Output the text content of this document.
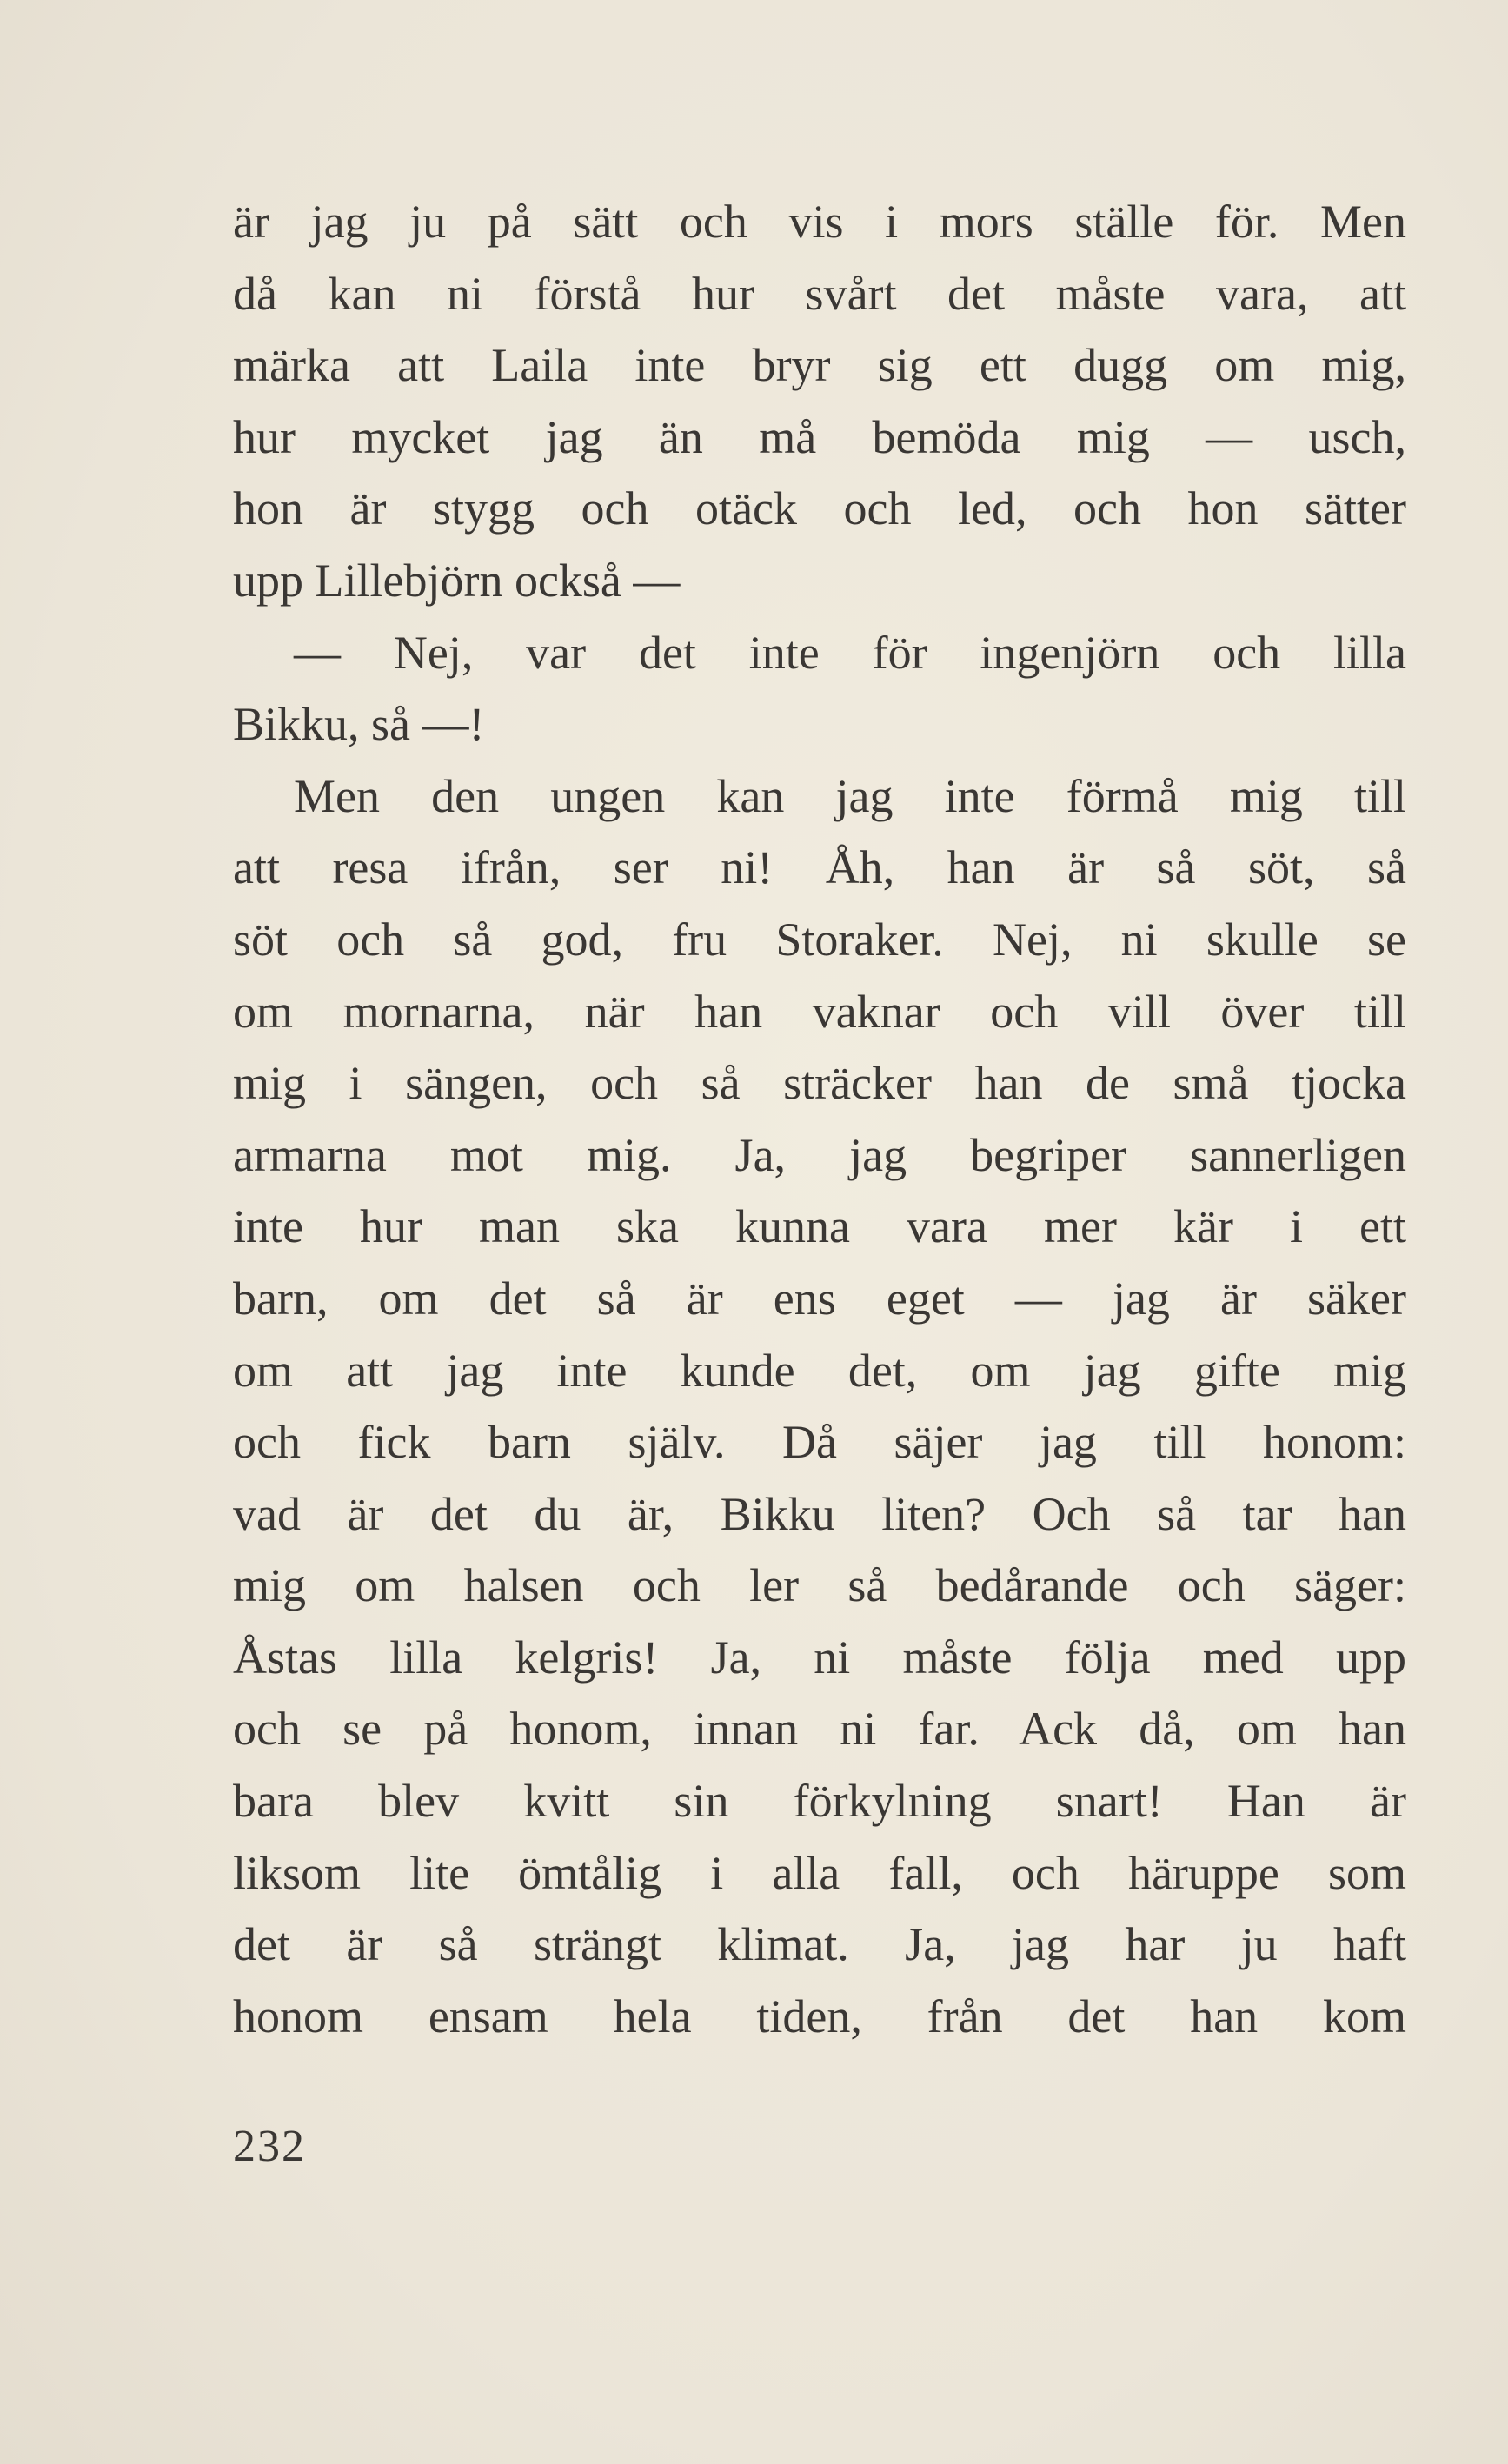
är jag ju på sätt och vis i mors ställe för. Men
då kan ni förstå hur svårt det måste vara, att
märka att Laila inte bryr sig ett dugg om mig,
hur mycket jag än må bemöda mig — usch,
hon är stygg och otäck och led, och hon sätter
upp Lillebjörn också —
— Nej, var det inte för ingenjörn och lilla
Bikku, så —!
Men den ungen kan jag inte förmå mig till
att resa ifrån, ser ni! Åh, han är så söt, så
söt och så god, fru Storaker. Nej, ni skulle se
om mornarna, när han vaknar och vill över till
mig i sängen, och så sträcker han de små tjocka
armarna mot mig. Ja, jag begriper sannerligen
inte hur man ska kunna vara mer kär i ett
barn, om det så är ens eget — jag är säker
om att jag inte kunde det, om jag gifte mig
och fick barn själv. Då säjer jag till honom:
vad är det du är, Bikku liten? Och så tar han
mig om halsen och ler så bedårande och säger:
Åstas lilla kelgris! Ja, ni måste följa med upp
och se på honom, innan ni far. Ack då, om han
bara blev kvitt sin förkylning snart! Han är
liksom lite ömtålig i alla fall, och häruppe som
det är så strängt klimat. Ja, jag har ju haft
honom ensam hela tiden, från det han kom
232
